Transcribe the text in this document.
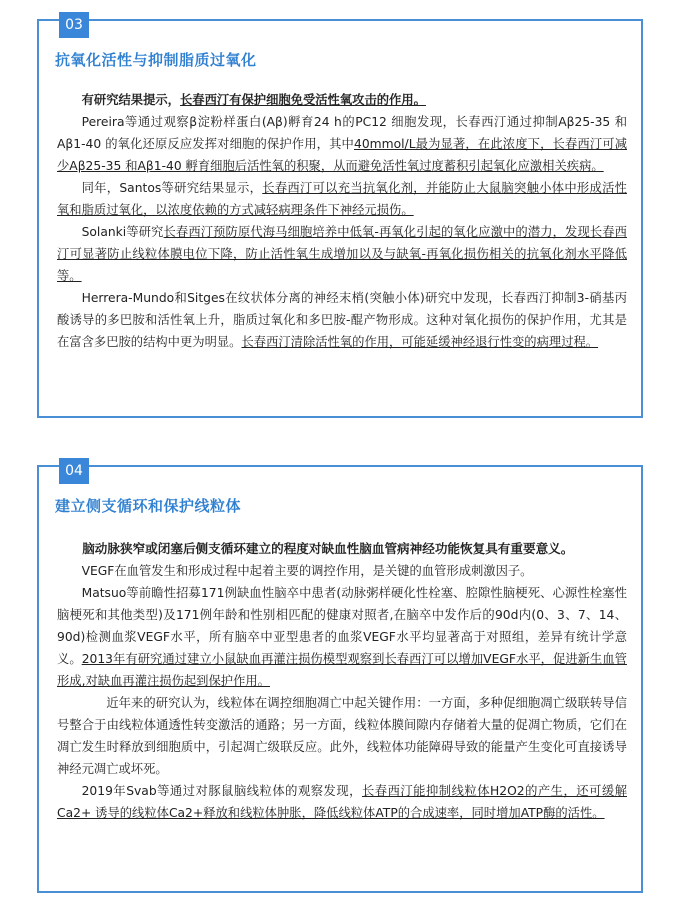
03
抗氧化活性与抑制脂质过氧化

有研究结果提示，长春西汀有保护细胞免受活性氧攻击的作用。

Pereira等通过观察β淀粉样蛋白(Aβ)孵育24 h的PC12 细胞发现，长春西汀通过抑制Aβ25-35 和Aβ1-40 的氧化还原反应发挥对细胞的保护作用，其中40mmol/L最为显著，在此浓度下，长春西汀可减少Aβ25-35 和Aβ1-40 孵育细胞后活性氧的积聚，从而避免活性氧过度蓄积引起氧化应激相关疾病。

同年，Santos等研究结果显示，长春西汀可以充当抗氧化剂，并能防止大鼠脑突触小体中形成活性氧和脂质过氧化，以浓度依赖的方式减轻病理条件下神经元损伤。

Solanki等研究长春西汀预防原代海马细胞培养中低氧-再氧化引起的氧化应激中的潜力，发现长春西汀可显著防止线粒体膜电位下降，防止活性氧生成增加以及与缺氧-再氧化损伤相关的抗氧化剂水平降低等。

Herrera-Mundo和Sitges在纹状体分离的神经末梢(突触小体)研究中发现，长春西汀抑制3-硝基丙酸诱导的多巴胺和活性氧上升，脂质过氧化和多巴胺-醌产物形成。这种对氧化损伤的保护作用，尤其是在富含多巴胺的结构中更为明显。长春西汀清除活性氧的作用，可能延缓神经退行性变的病理过程。

04
建立侧支循环和保护线粒体

脑动脉狭窄或闭塞后侧支循环建立的程度对缺血性脑血管病神经功能恢复具有重要意义。

VEGF在血管发生和形成过程中起着主要的调控作用，是关键的血管形成刺激因子。

Matsuo等前瞻性招募171例缺血性脑卒中患者(动脉粥样硬化性栓塞、腔隙性脑梗死、心源性栓塞性脑梗死和其他类型)及171例年龄和性别相匹配的健康对照者,在脑卒中发作后的90d内(0、3、7、14、90d)检测血浆VEGF水平，所有脑卒中亚型患者的血浆VEGF水平均显著高于对照组，差异有统计学意义。2013年有研究通过建立小鼠缺血再灌注损伤模型观察到长春西汀可以增加VEGF水平，促进新生血管形成,对缺血再灌注损伤起到保护作用。

近年来的研究认为，线粒体在调控细胞凋亡中起关键作用：一方面，多种促细胞凋亡级联转导信号整合于由线粒体通透性转变激活的通路；另一方面，线粒体膜间隙内存储着大量的促凋亡物质，它们在凋亡发生时释放到细胞质中，引起凋亡级联反应。此外，线粒体功能障碍导致的能量产生变化可直接诱导神经元凋亡或坏死。

2019年Svab等通过对豚鼠脑线粒体的观察发现，长春西汀能抑制线粒体H2O2的产生，还可缓解Ca2+ 诱导的线粒体Ca2+释放和线粒体肿胀，降低线粒体ATP的合成速率，同时增加ATP酶的活性。
